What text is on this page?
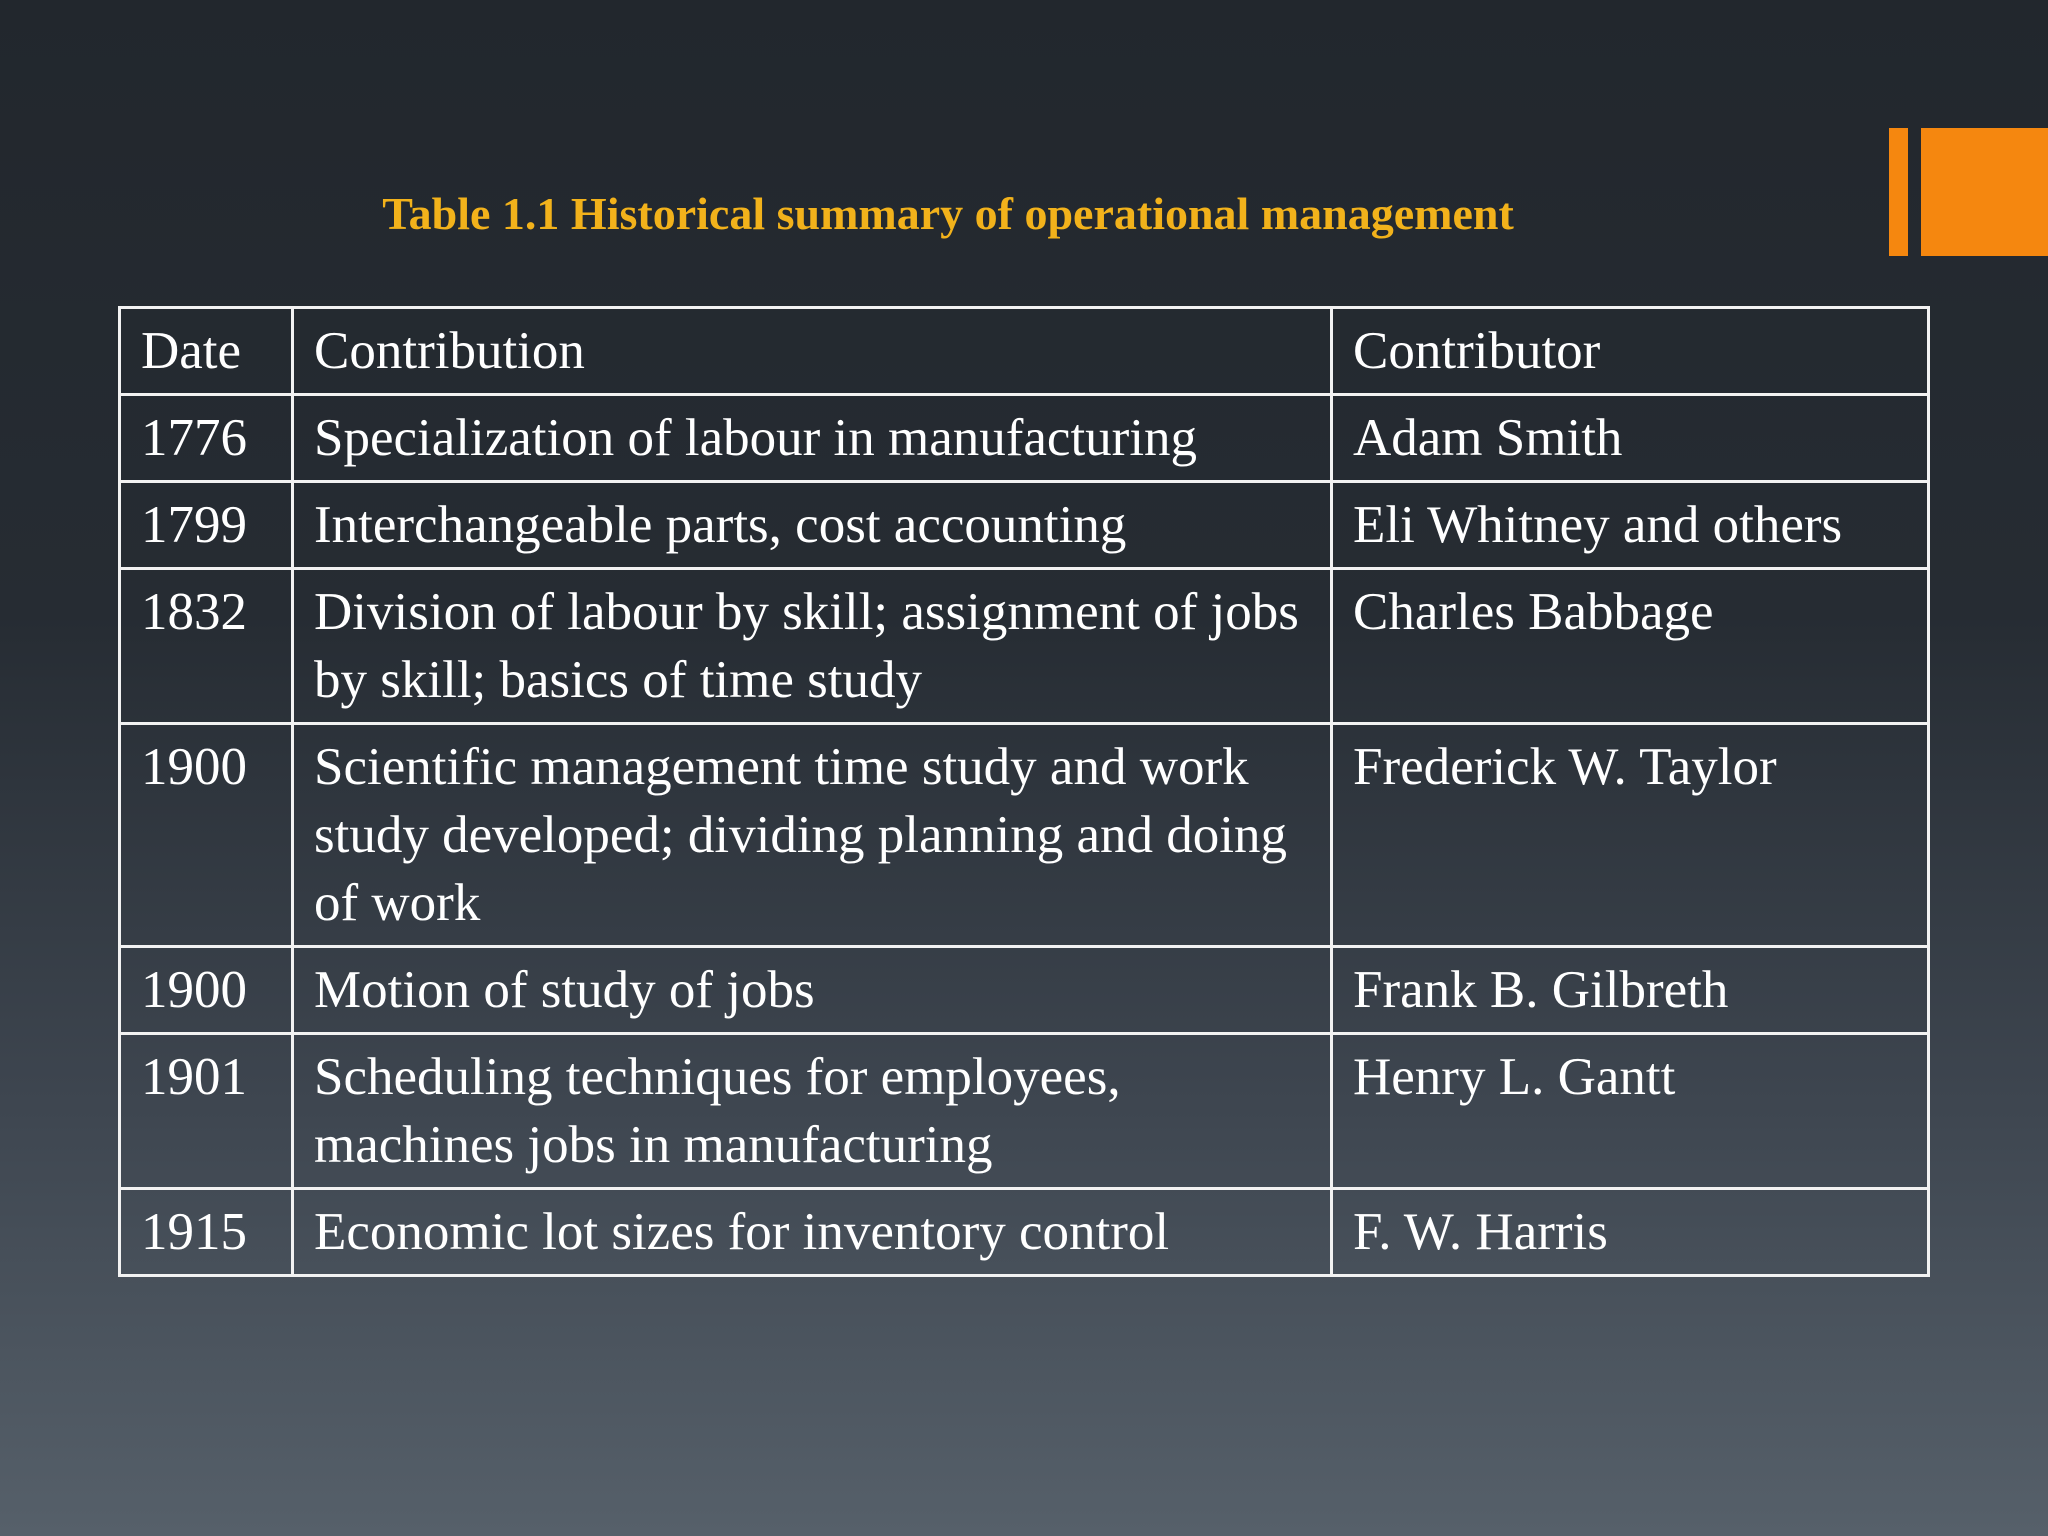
Table 1.1 Historical summary of operational management
Date	Contribution	Contributor
1776	Specialization of labour in manufacturing	Adam Smith
1799	Interchangeable parts, cost accounting	Eli Whitney and others
1832	Division of labour by skill; assignment of jobs by skill; basics of time study	Charles Babbage
1900	Scientific management time study and work study developed; dividing planning and doing of work	Frederick W. Taylor
1900	Motion of study of jobs	Frank B. Gilbreth
1901	Scheduling techniques for employees, machines jobs in manufacturing	Henry L. Gantt
1915	Economic lot sizes for inventory control	F. W. Harris
